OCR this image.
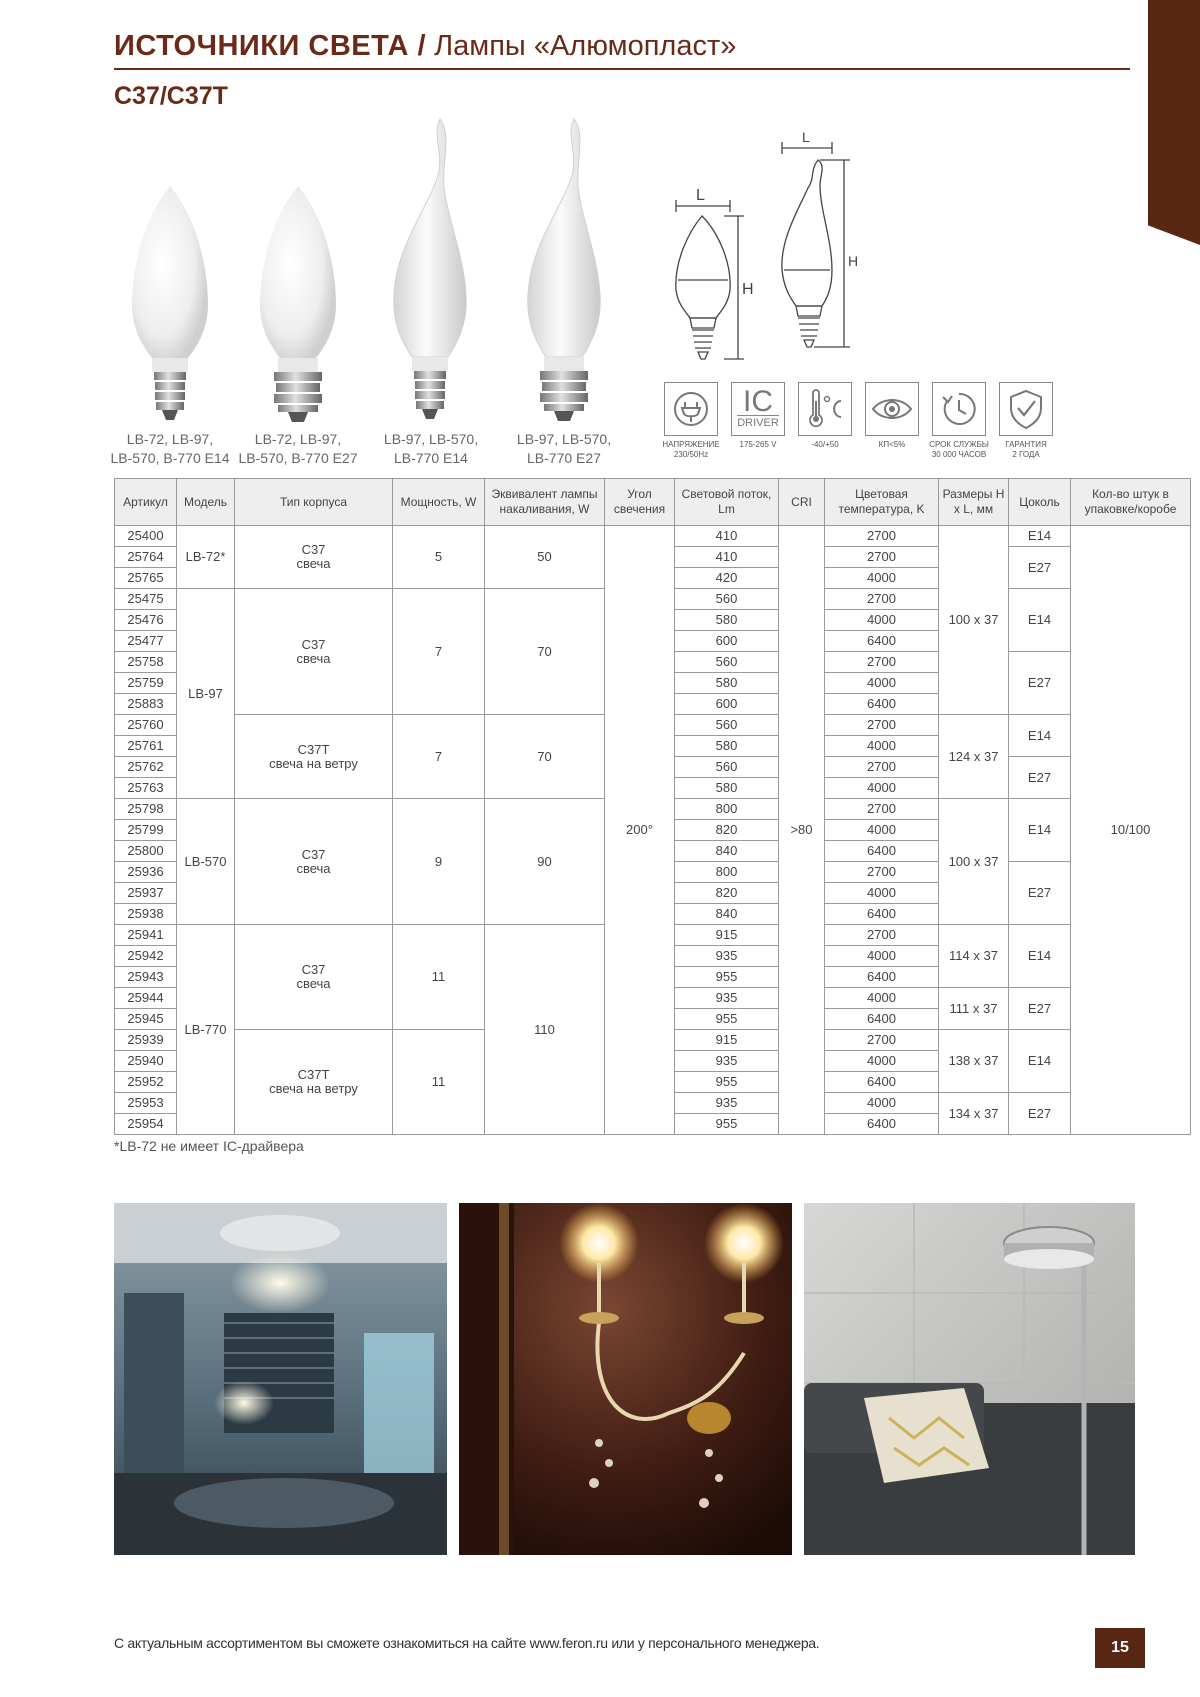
ИСТОЧНИКИ СВЕТА / Лампы «Алюмопласт»
C37/C37T
LB-72, LB-97,
LB-570, B-770 E14
LB-72, LB-97,
LB-570, B-770 E27
LB-97, LB-570,
LB-770 E14
LB-97, LB-570,
LB-770 E27
L
H
L
H
НАПРЯЖЕНИЕ
230/50Hz
IC
DRIVER
175-265 V	-40/+50	КП<5%	СРОК СЛУЖБЫ
30 000 ЧАСОВ
ГАРАНТИЯ
2 ГОДА
Артикул	Модель	Тип корпуса	Мощность, W	Эквивалент лампы накаливания, W	Угол свечения	Световой поток, Lm	CRI	Цветовая температура, K	Размеры H x L, мм	Цоколь	Кол-во штук в упаковке/коробе
25400	LB-72*	C37
свеча	5	50	200°	410	>80	2700	100 x 37	E14	10/100
25764						410		2700		E27	
25765						420		4000			
25475	LB-97	C37
свеча	7	70		560		2700		E14	
25476						580		4000			
25477						600		6400			
25758						560		2700		E27	
25759						580		4000			
25883						600		6400			
25760		C37T
свеча на ветру	7	70		560		2700	124 x 37	E14	
25761						580		4000			
25762						560		2700		E27	
25763						580		4000			
25798	LB-570	C37
свеча	9	90		800		2700	100 x 37	E14	
25799						820		4000			
25800						840		6400			
25936						800		2700		E27	
25937						820		4000			
25938						840		6400			
25941	LB-770	C37
свеча	11	110		915		2700	114 x 37	E14	
25942						935		4000			
25943						955		6400			
25944						935		4000	111 x 37	E27	
25945						955		6400			
25939		C37T
свеча на ветру	11			915		2700	138 x 37	E14	
25940						935		4000			
25952						955		6400			
25953						935		4000	134 x 37	E27	
25954						955		6400			
*LB-72 не имеет IC-драйвера
С актуальным ассортиментом вы сможете ознакомиться на сайте www.feron.ru или у персонального менеджера.	15
